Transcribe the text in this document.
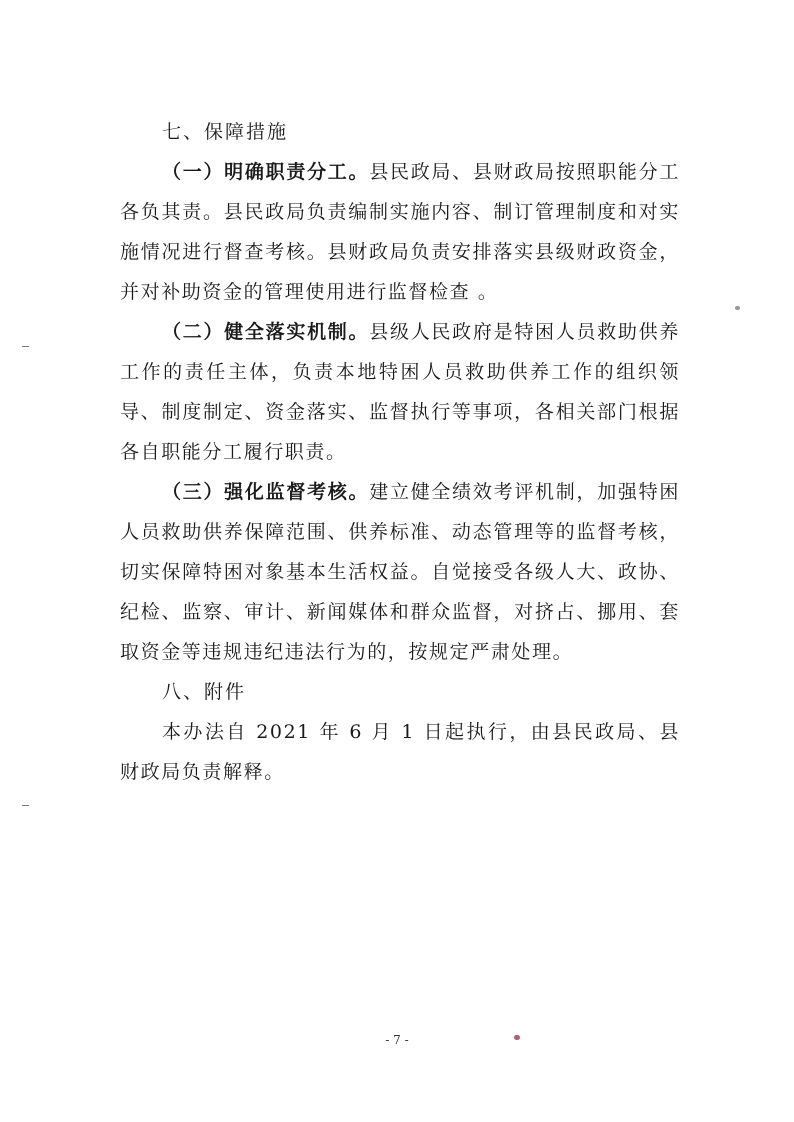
七、保障措施

（一）明确职责分工。县民政局、县财政局按照职能分工各负其责。县民政局负责编制实施内容、制订管理制度和对实施情况进行督查考核。县财政局负责安排落实县级财政资金，并对补助资金的管理使用进行监督检查 。

（二）健全落实机制。县级人民政府是特困人员救助供养工作的责任主体，负责本地特困人员救助供养工作的组织领导、制度制定、资金落实、监督执行等事项，各相关部门根据各自职能分工履行职责。

（三）强化监督考核。建立健全绩效考评机制，加强特困人员救助供养保障范围、供养标准、动态管理等的监督考核，切实保障特困对象基本生活权益。自觉接受各级人大、政协、纪检、监察、审计、新闻媒体和群众监督，对挤占、挪用、套取资金等违规违纪违法行为的，按规定严肃处理。

八、附件

本办法自 2021 年 6 月 1 日起执行，由县民政局、县财政局负责解释。

- 7 -
